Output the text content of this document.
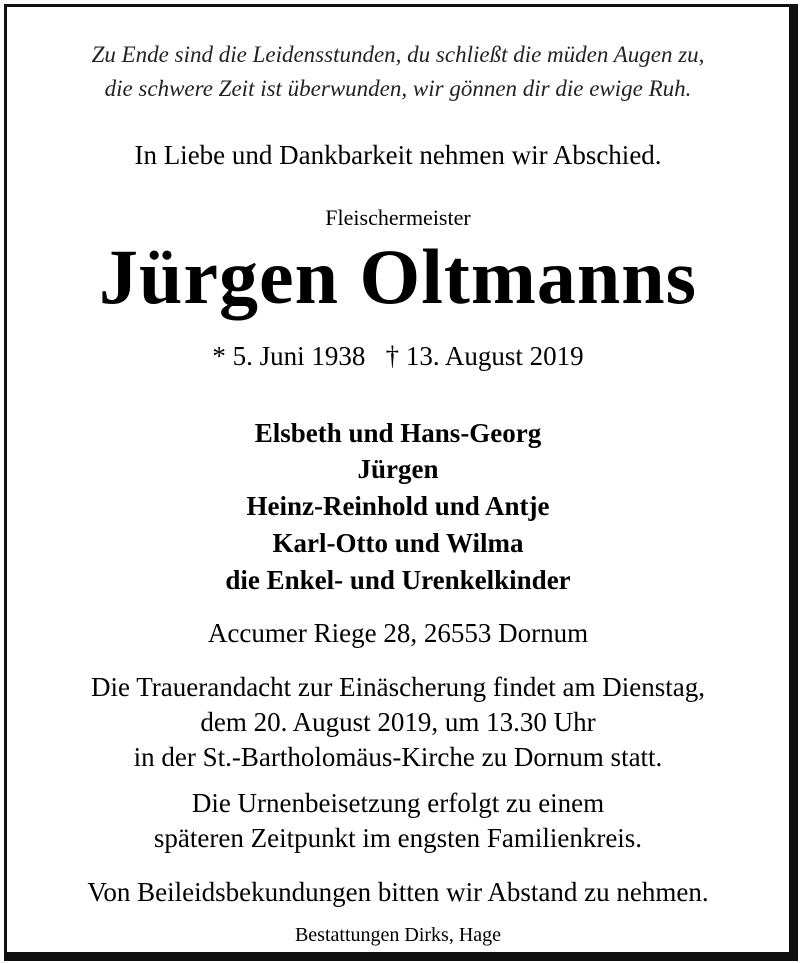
Zu Ende sind die Leidensstunden, du schließt die müden Augen zu,
die schwere Zeit ist überwunden, wir gönnen dir die ewige Ruh.
In Liebe und Dankbarkeit nehmen wir Abschied.
Fleischermeister
Jürgen Oltmanns
* 5. Juni 1938   † 13. August 2019
Elsbeth und Hans-Georg
Jürgen
Heinz-Reinhold und Antje
Karl-Otto und Wilma
die Enkel- und Urenkelkinder
Accumer Riege 28, 26553 Dornum
Die Trauerandacht zur Einäscherung findet am Dienstag,
dem 20. August 2019, um 13.30 Uhr
in der St.-Bartholomäus-Kirche zu Dornum statt.
Die Urnenbeisetzung erfolgt zu einem
späteren Zeitpunkt im engsten Familienkreis.
Von Beileidsbekundungen bitten wir Abstand zu nehmen.
Bestattungen Dirks, Hage
